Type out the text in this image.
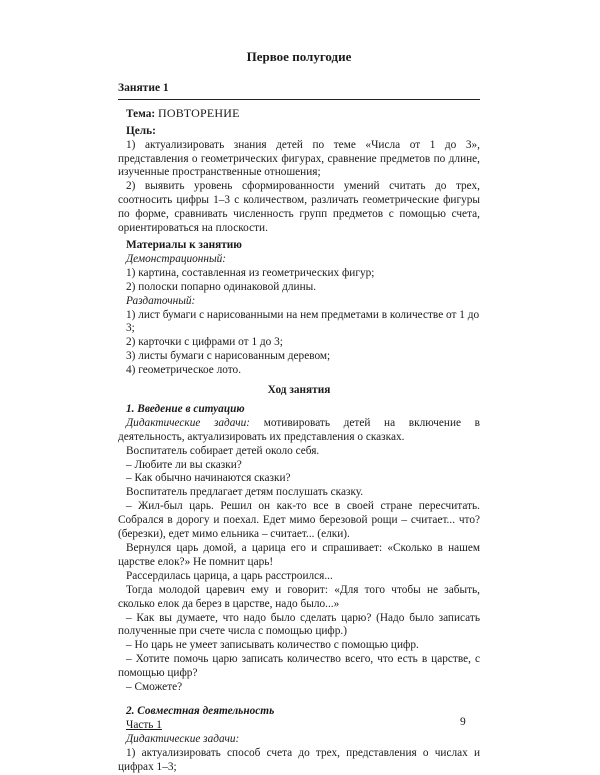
Первое полугодие
Занятие 1
Тема: ПОВТОРЕНИЕ
Цель:

1) актуализировать знания детей по теме «Числа от 1 до 3», представления о геометрических фигурах, сравнение предметов по длине, изученные пространственные отношения;

2) выявить уровень сформированности умений считать до трех, соотносить цифры 1–3 с количеством, различать геометрические фигуры по форме, сравнивать численность групп предметов с помощью счета, ориентироваться на плоскости.

Материалы к занятию
Демонстрационный:
1) картина, составленная из геометрических фигур;
2) полоски попарно одинаковой длины.
Раздаточный:
1) лист бумаги с нарисованными на нем предметами в количестве от 1 до 3;
2) карточки с цифрами от 1 до 3;
3) листы бумаги с нарисованным деревом;
4) геометрическое лото.
Ход занятия
1. Введение в ситуацию

Дидактические задачи: мотивировать детей на включение в деятельность, актуализировать их представления о сказках.

Воспитатель собирает детей около себя.

– Любите ли вы сказки?

– Как обычно начинаются сказки?

Воспитатель предлагает детям послушать сказку.

– Жил-был царь. Решил он как-то все в своей стране пересчитать. Собрался в дорогу и поехал. Едет мимо березовой рощи – считает... что? (березки), едет мимо ельника – считает... (елки).

Вернулся царь домой, а царица его и спрашивает: «Сколько в нашем царстве елок?» Не помнит царь!

Рассердилась царица, а царь расстроился...

Тогда молодой царевич ему и говорит: «Для того чтобы не забыть, сколько елок да берез в царстве, надо было...»

– Как вы думаете, что надо было сделать царю? (Надо было записать полученные при счете числа с помощью цифр.)

– Но царь не умеет записывать количество с помощью цифр.

– Хотите помочь царю записать количество всего, что есть в царстве, с помощью цифр?

– Сможете?

2. Совместная деятельность
Часть 1
Дидактические задачи:

1) актуализировать способ счета до трех, представления о числах и цифрах 1–3;

9
